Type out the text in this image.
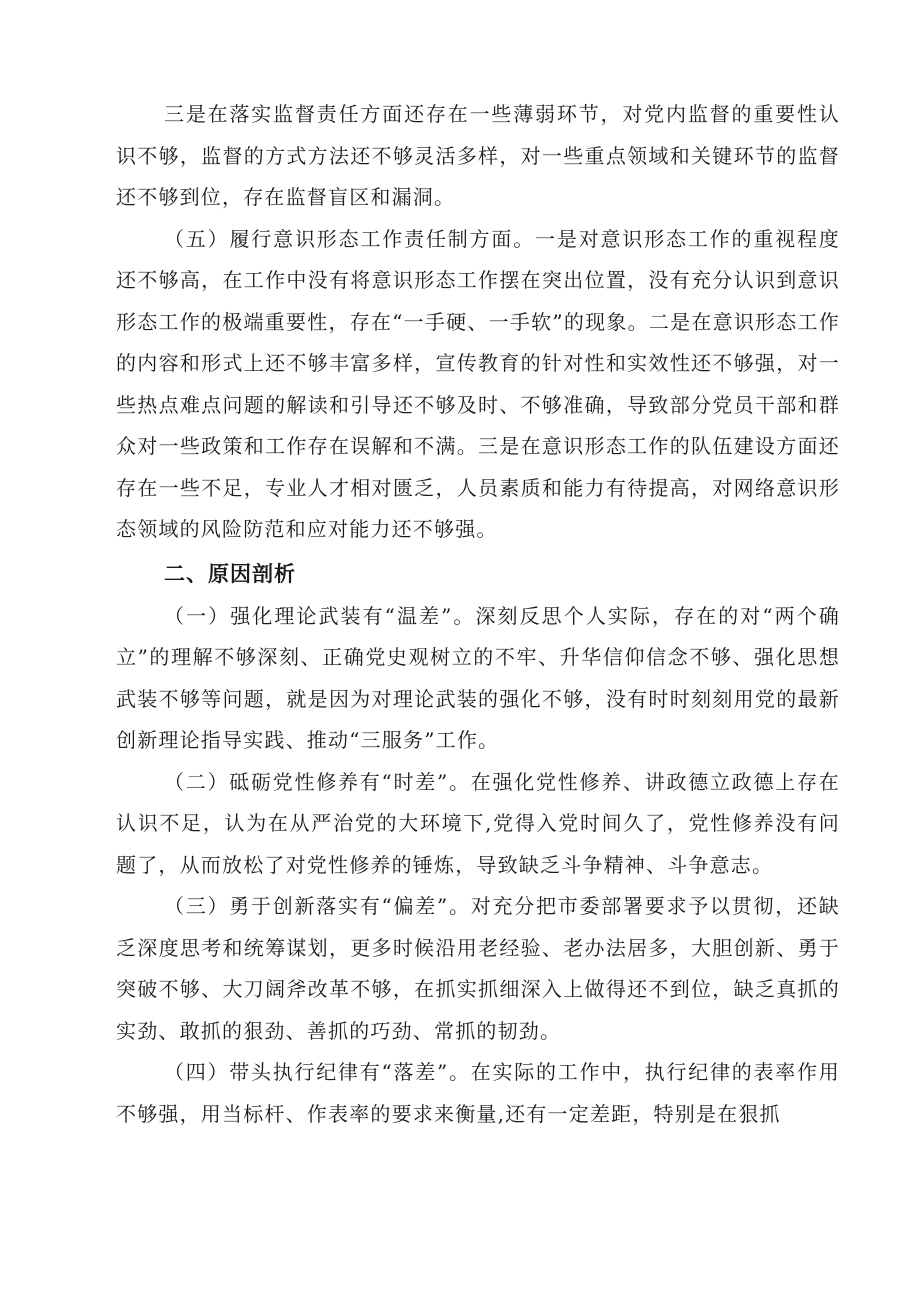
三是在落实监督责任方面还存在一些薄弱环节，对党内监督的重要性认识不够，监督的方式方法还不够灵活多样，对一些重点领域和关键环节的监督还不够到位，存在监督盲区和漏洞。

（五）履行意识形态工作责任制方面。一是对意识形态工作的重视程度还不够高，在工作中没有将意识形态工作摆在突出位置，没有充分认识到意识形态工作的极端重要性，存在“一手硬、一手软”的现象。二是在意识形态工作的内容和形式上还不够丰富多样，宣传教育的针对性和实效性还不够强，对一些热点难点问题的解读和引导还不够及时、不够准确，导致部分党员干部和群众对一些政策和工作存在误解和不满。三是在意识形态工作的队伍建设方面还存在一些不足，专业人才相对匮乏，人员素质和能力有待提高，对网络意识形态领域的风险防范和应对能力还不够强。

二、原因剖析

（一）强化理论武装有“温差”。深刻反思个人实际，存在的对“两个确立”的理解不够深刻、正确党史观树立的不牢、升华信仰信念不够、强化思想武装不够等问题，就是因为对理论武装的强化不够，没有时时刻刻用党的最新创新理论指导实践、推动“三服务”工作。

（二）砥砺党性修养有“时差”。在强化党性修养、讲政德立政德上存在认识不足，认为在从严治党的大环境下,党得入党时间久了，党性修养没有问题了，从而放松了对党性修养的锤炼，导致缺乏斗争精神、斗争意志。

（三）勇于创新落实有“偏差”。对充分把市委部署要求予以贯彻，还缺乏深度思考和统筹谋划，更多时候沿用老经验、老办法居多，大胆创新、勇于突破不够、大刀阔斧改革不够，在抓实抓细深入上做得还不到位，缺乏真抓的实劲、敢抓的狠劲、善抓的巧劲、常抓的韧劲。

（四）带头执行纪律有“落差”。在实际的工作中，执行纪律的表率作用不够强，用当标杆、作表率的要求来衡量,还有一定差距，特别是在狠抓
